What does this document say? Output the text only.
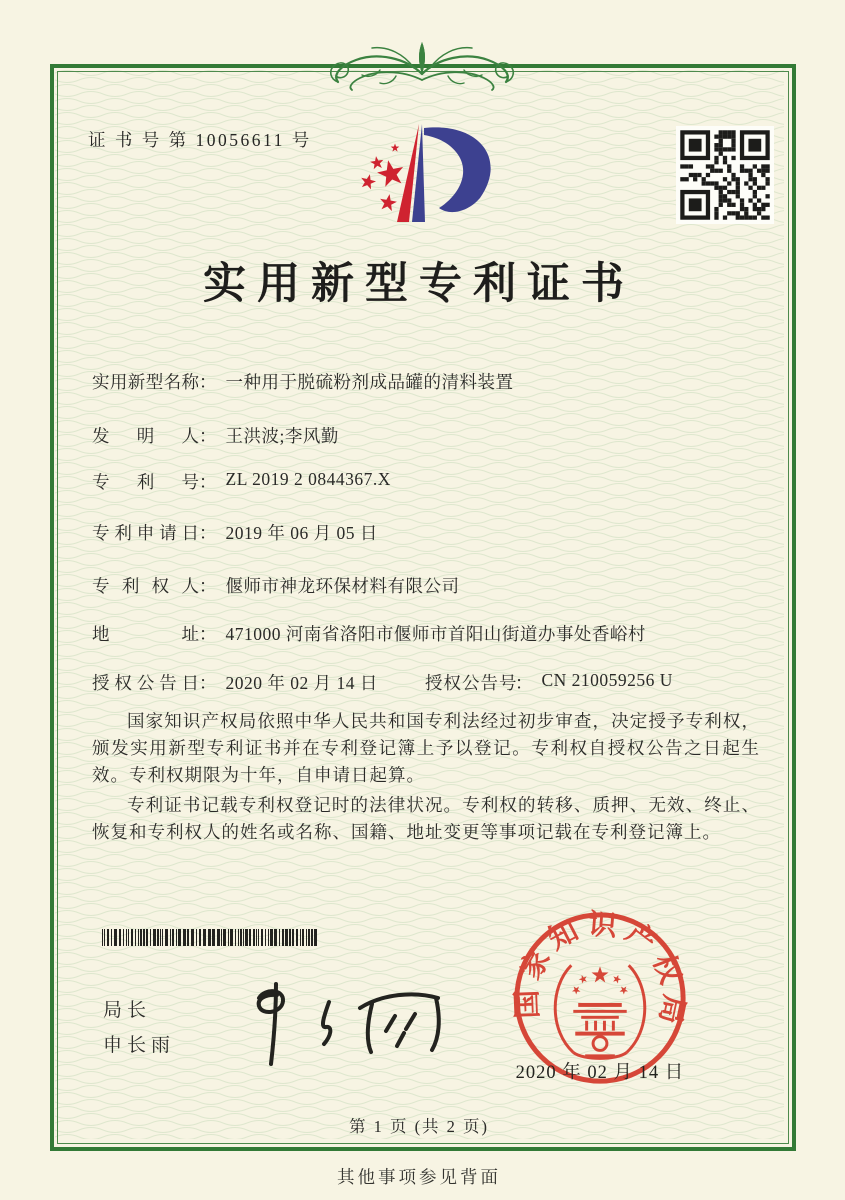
证 书 号 第 10056611 号
实用新型专利证书
实用新型名称： 一种用于脱硫粉剂成品罐的清料装置
发明人： 王洪波;李风勤
专利号： ZL 2019 2 0844367.X
专利申请日： 2019 年 06 月 05 日
专利权人： 偃师市神龙环保材料有限公司
地址： 471000 河南省洛阳市偃师市首阳山街道办事处香峪村
授权公告日： 2020 年 02 月 14 日	授权公告号： CN 210059256 U

国家知识产权局依照中华人民共和国专利法经过初步审查，决定授予专利权，颁发实用新型专利证书并在专利登记簿上予以登记。专利权自授权公告之日起生效。专利权期限为十年，自申请日起算。

专利证书记载专利权登记时的法律状况。专利权的转移、质押、无效、终止、恢复和专利权人的姓名或名称、国籍、地址变更等事项记载在专利登记簿上。

国家知识产权局
2020 年 02 月 14 日
局长
申长雨
第 1 页 (共 2 页)
其他事项参见背面
